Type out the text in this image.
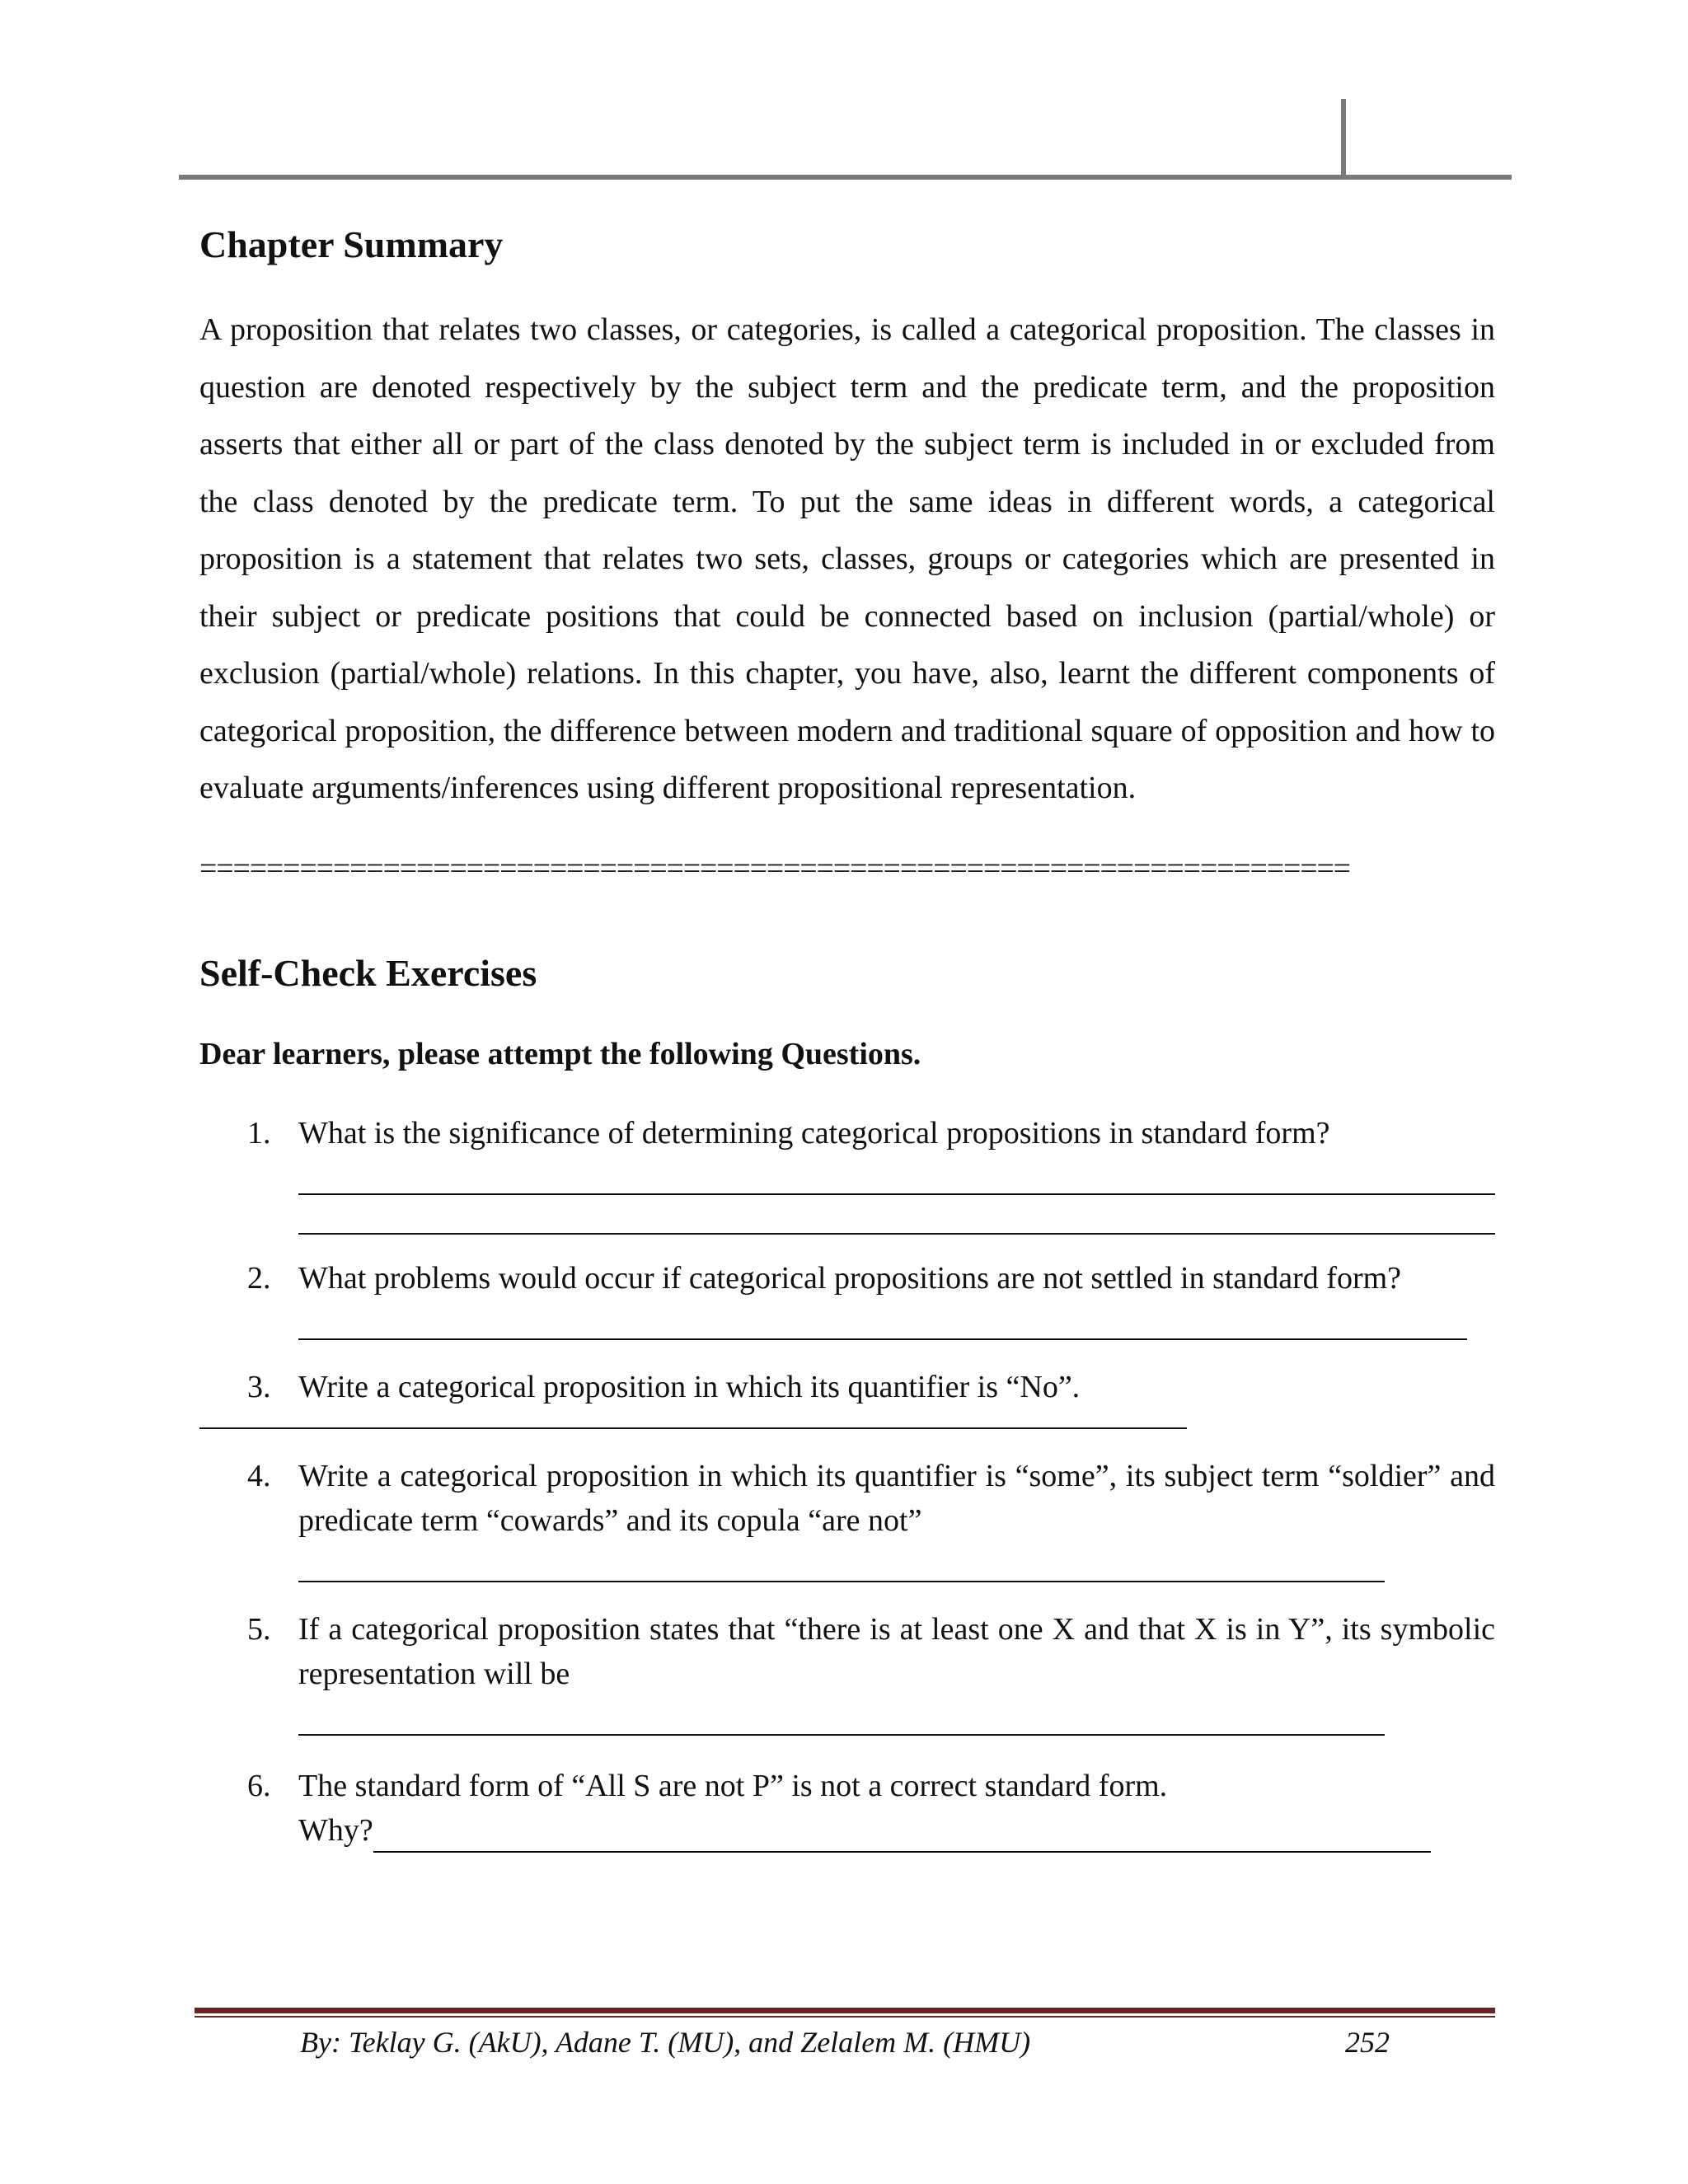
Chapter Summary

A proposition that relates two classes, or categories, is called a categorical proposition. The classes in question are denoted respectively by the subject term and the predicate term, and the proposition asserts that either all or part of the class denoted by the subject term is included in or excluded from the class denoted by the predicate term. To put the same ideas in different words, a categorical proposition is a statement that relates two sets, classes, groups or categories which are presented in their subject or predicate positions that could be connected based on inclusion (partial/whole) or exclusion (partial/whole) relations. In this chapter, you have, also, learnt the different components of categorical proposition, the difference between modern and traditional square of opposition and how to evaluate arguments/inferences using different propositional representation.

=====================================================================
Self-Check Exercises
Dear learners, please attempt the following Questions.
1. What is the significance of determining categorical propositions in standard form?
2. What problems would occur if categorical propositions are not settled in standard form?
3. Write a categorical proposition in which its quantifier is “No”.
4. Write a categorical proposition in which its quantifier is “some”, its subject term “soldier” and predicate term “cowards” and its copula “are not”
5. If a categorical proposition states that “there is at least one X and that X is in Y”, its symbolic representation will be
6. The standard form of “All S are not P” is not a correct standard form.
Why?
By: Teklay G. (AkU), Adane T. (MU), and Zelalem M. (HMU)	252
